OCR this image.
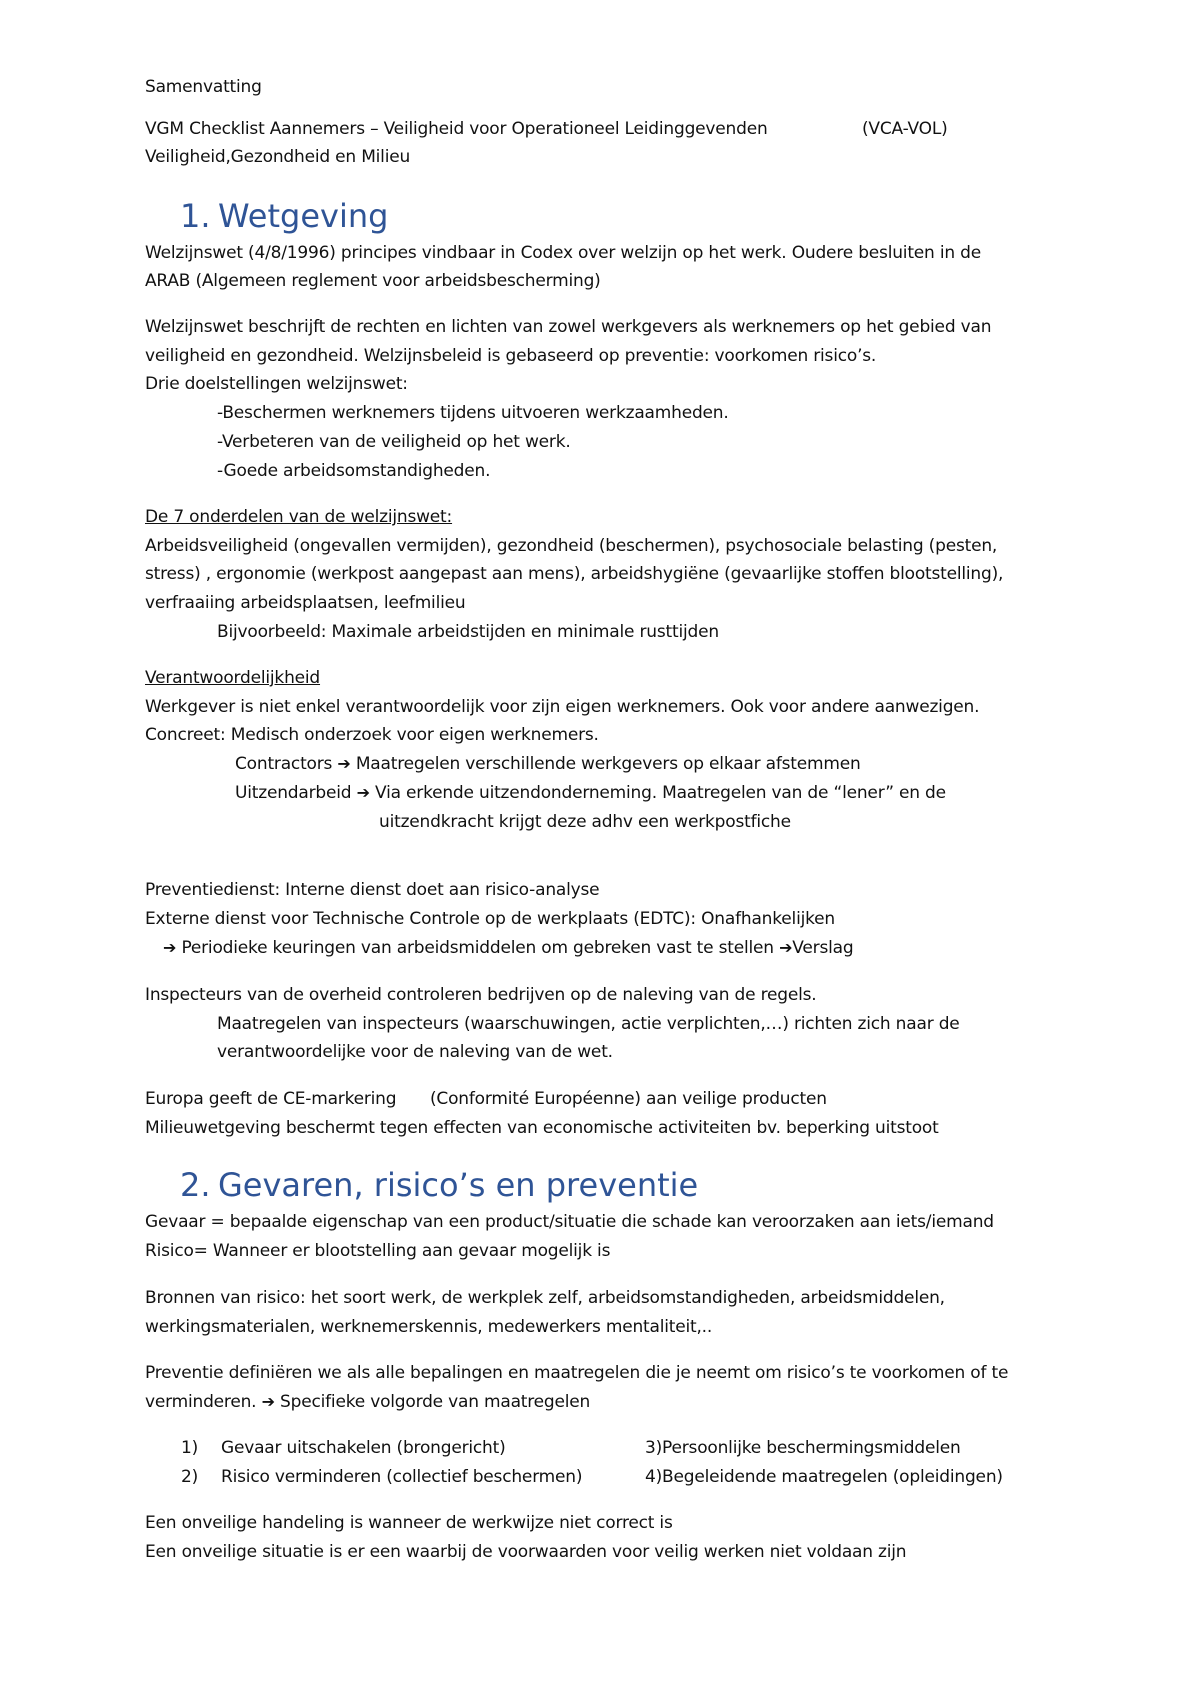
Samenvatting

VGM Checklist Aannemers – Veiligheid voor Operationeel Leidinggevenden	(VCA-VOL)

Veiligheid,Gezondheid en Milieu

1. Wetgeving

Welzijnswet (4/8/1996) principes vindbaar in Codex over welzijn op het werk. Oudere besluiten in de

ARAB (Algemeen reglement voor arbeidsbescherming)

Welzijnswet beschrijft de rechten en lichten van zowel werkgevers als werknemers op het gebied van

veiligheid en gezondheid. Welzijnsbeleid is gebaseerd op preventie: voorkomen risico’s.

Drie doelstellingen welzijnswet:

-Beschermen werknemers tijdens uitvoeren werkzaamheden.

-Verbeteren van de veiligheid op het werk.

-Goede arbeidsomstandigheden.

De 7 onderdelen van de welzijnswet:

Arbeidsveiligheid (ongevallen vermijden), gezondheid (beschermen), psychosociale belasting (pesten,

stress) , ergonomie (werkpost aangepast aan mens), arbeidshygiëne (gevaarlijke stoffen blootstelling),

verfraaiing arbeidsplaatsen, leefmilieu

Bijvoorbeeld: Maximale arbeidstijden en minimale rusttijden

Verantwoordelijkheid

Werkgever is niet enkel verantwoordelijk voor zijn eigen werknemers. Ook voor andere aanwezigen.

Concreet: Medisch onderzoek voor eigen werknemers.

Contractors ➔ Maatregelen verschillende werkgevers op elkaar afstemmen

Uitzendarbeid ➔ Via erkende uitzendonderneming. Maatregelen van de “lener” en de

uitzendkracht krijgt deze adhv een werkpostfiche

Preventiedienst: Interne dienst doet aan risico-analyse

Externe dienst voor Technische Controle op de werkplaats (EDTC): Onafhankelijken

➔ Periodieke keuringen van arbeidsmiddelen om gebreken vast te stellen ➔Verslag

Inspecteurs van de overheid controleren bedrijven op de naleving van de regels.

Maatregelen van inspecteurs (waarschuwingen, actie verplichten,…) richten zich naar de

verantwoordelijke voor de naleving van de wet.

Europa geeft de CE-markering (Conformité Européenne) aan veilige producten

Milieuwetgeving beschermt tegen effecten van economische activiteiten bv. beperking uitstoot

2. Gevaren, risico’s en preventie

Gevaar = bepaalde eigenschap van een product/situatie die schade kan veroorzaken aan iets/iemand

Risico= Wanneer er blootstelling aan gevaar mogelijk is

Bronnen van risico: het soort werk, de werkplek zelf, arbeidsomstandigheden, arbeidsmiddelen,

werkingsmaterialen, werknemerskennis, medewerkers mentaliteit,..

Preventie definiëren we als alle bepalingen en maatregelen die je neemt om risico’s te voorkomen of te

verminderen. ➔ Specifieke volgorde van maatregelen

1) Gevaar uitschakelen (brongericht)	3)Persoonlijke beschermingsmiddelen

2) Risico verminderen (collectief beschermen)	4)Begeleidende maatregelen (opleidingen)

Een onveilige handeling is wanneer de werkwijze niet correct is

Een onveilige situatie is er een waarbij de voorwaarden voor veilig werken niet voldaan zijn
